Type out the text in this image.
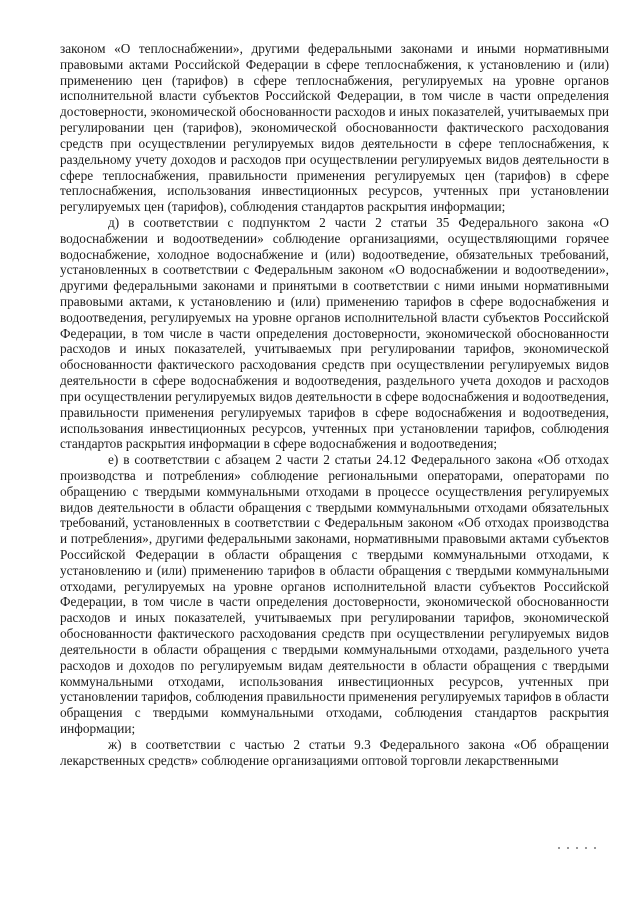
законом «О теплоснабжении», другими федеральными законами и иными нормативными правовыми актами Российской Федерации в сфере теплоснабжения, к установлению и (или) применению цен (тарифов) в сфере теплоснабжения, регулируемых на уровне органов исполнительной власти субъектов Российской Федерации, в том числе в части определения достоверности, экономической обоснованности расходов и иных показателей, учитываемых при регулировании цен (тарифов), экономической обоснованности фактического расходования средств при осуществлении регулируемых видов деятельности в сфере теплоснабжения, к раздельному учету доходов и расходов при осуществлении регулируемых видов деятельности в сфере теплоснабжения, правильности применения регулируемых цен (тарифов) в сфере теплоснабжения, использования инвестиционных ресурсов, учтенных при установлении регулируемых цен (тарифов), соблюдения стандартов раскрытия информации;

д) в соответствии с подпунктом 2 части 2 статьи 35 Федерального закона «О водоснабжении и водоотведении» соблюдение организациями, осуществляющими горячее водоснабжение, холодное водоснабжение и (или) водоотведение, обязательных требований, установленных в соответствии с Федеральным законом «О водоснабжении и водоотведении», другими федеральными законами и принятыми в соответствии с ними иными нормативными правовыми актами, к установлению и (или) применению тарифов в сфере водоснабжения и водоотведения, регулируемых на уровне органов исполнительной власти субъектов Российской Федерации, в том числе в части определения достоверности, экономической обоснованности расходов и иных показателей, учитываемых при регулировании тарифов, экономической обоснованности фактического расходования средств при осуществлении регулируемых видов деятельности в сфере водоснабжения и водоотведения, раздельного учета доходов и расходов при осуществлении регулируемых видов деятельности в сфере водоснабжения и водоотведения, правильности применения регулируемых тарифов в сфере водоснабжения и водоотведения, использования инвестиционных ресурсов, учтенных при установлении тарифов, соблюдения стандартов раскрытия информации в сфере водоснабжения и водоотведения;

е) в соответствии с абзацем 2 части 2 статьи 24.12 Федерального закона «Об отходах производства и потребления» соблюдение региональными операторами, операторами по обращению с твердыми коммунальными отходами в процессе осуществления регулируемых видов деятельности в области обращения с твердыми коммунальными отходами обязательных требований, установленных в соответствии с Федеральным законом «Об отходах производства и потребления», другими федеральными законами, нормативными правовыми актами субъектов Российской Федерации в области обращения с твердыми коммунальными отходами, к установлению и (или) применению тарифов в области обращения с твердыми коммунальными отходами, регулируемых на уровне органов исполнительной власти субъектов Российской Федерации, в том числе в части определения достоверности, экономической обоснованности расходов и иных показателей, учитываемых при регулировании тарифов, экономической обоснованности фактического расходования средств при осуществлении регулируемых видов деятельности в области обращения с твердыми коммунальными отходами, раздельного учета расходов и доходов по регулируемым видам деятельности в области обращения с твердыми коммунальными отходами, использования инвестиционных ресурсов, учтенных при установлении тарифов, соблюдения правильности применения регулируемых тарифов в области обращения с твердыми коммунальными отходами, соблюдения стандартов раскрытия информации;

ж) в соответствии с частью 2 статьи 9.3 Федерального закона «Об обращении лекарственных средств» соблюдение организациями оптовой торговли лекарственными
